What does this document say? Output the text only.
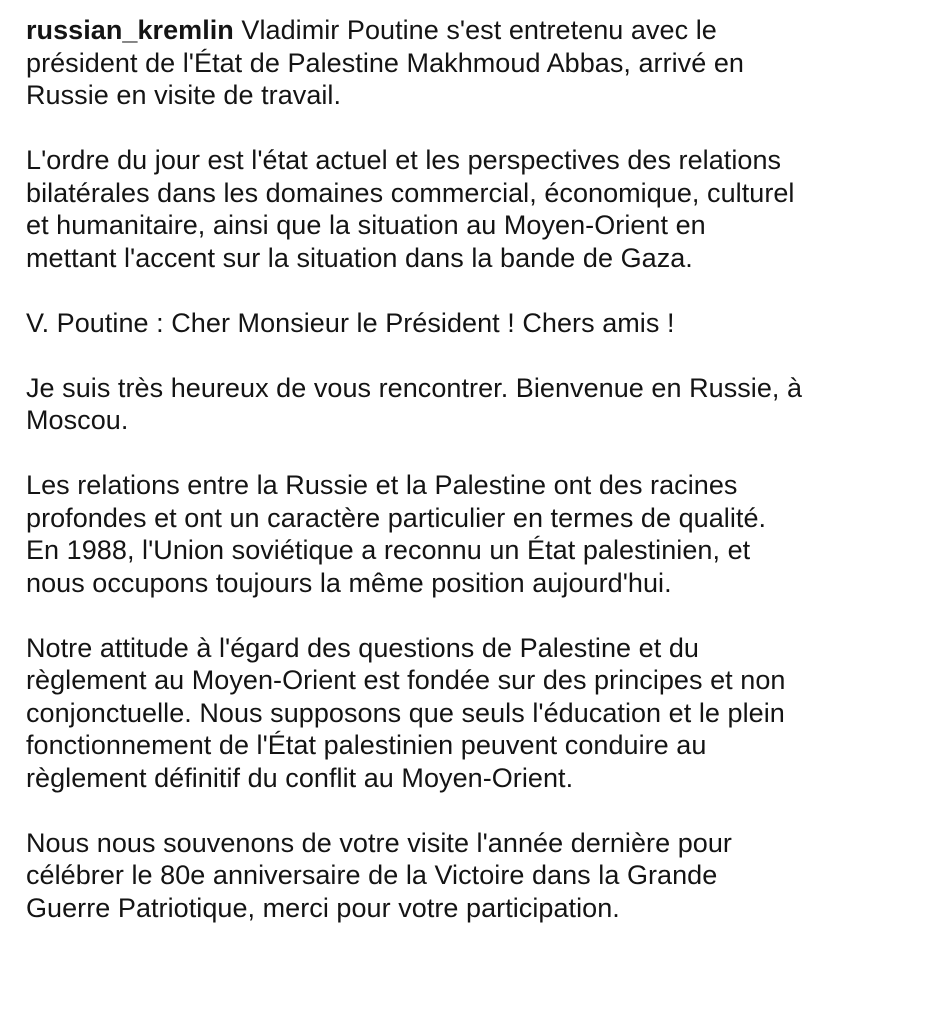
russian_kremlin Vladimir Poutine s'est entretenu avec le
président de l'État de Palestine Makhmoud Abbas, arrivé en
Russie en visite de travail.

L'ordre du jour est l'état actuel et les perspectives des relations
bilatérales dans les domaines commercial, économique, culturel
et humanitaire, ainsi que la situation au Moyen-Orient en
mettant l'accent sur la situation dans la bande de Gaza.

V. Poutine : Cher Monsieur le Président ! Chers amis !

Je suis très heureux de vous rencontrer. Bienvenue en Russie, à
Moscou.

Les relations entre la Russie et la Palestine ont des racines
profondes et ont un caractère particulier en termes de qualité.
En 1988, l'Union soviétique a reconnu un État palestinien, et
nous occupons toujours la même position aujourd'hui.

Notre attitude à l'égard des questions de Palestine et du
règlement au Moyen-Orient est fondée sur des principes et non
conjonctuelle. Nous supposons que seuls l'éducation et le plein
fonctionnement de l'État palestinien peuvent conduire au
règlement définitif du conflit au Moyen-Orient.

Nous nous souvenons de votre visite l'année dernière pour
célébrer le 80e anniversaire de la Victoire dans la Grande
Guerre Patriotique, merci pour votre participation.
